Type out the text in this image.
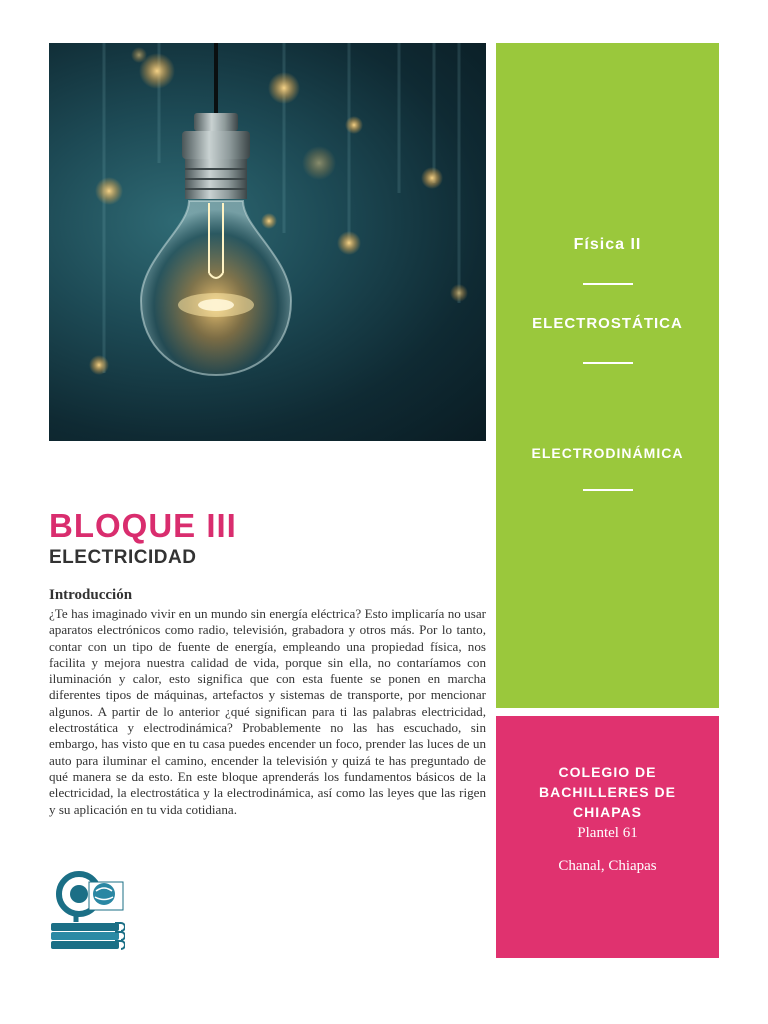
Física II
ELECTROSTÁTICA
ELECTRODINÁMICA
COLEGIO DE BACHILLERES DE CHIAPAS
Plantel 61
Chanal, Chiapas
BLOQUE III
ELECTRICIDAD
Introducción

¿Te has imaginado vivir en un mundo sin energía eléctrica? Esto implicaría no usar aparatos electrónicos como radio, televisión, grabadora y otros más. Por lo tanto, contar con un tipo de fuente de energía, empleando una propiedad física, nos facilita y mejora nuestra calidad de vida, porque sin ella, no contaríamos con iluminación y calor, esto significa que con esta fuente se ponen en marcha diferentes tipos de máquinas, artefactos y sistemas de transporte, por mencionar algunos. A partir de lo anterior ¿qué significan para ti las palabras electricidad, electrostática y electrodinámica? Probablemente no las has escuchado, sin embargo, has visto que en tu casa puedes encender un foco, prender las luces de un auto para iluminar el camino, encender la televisión y quizá te has preguntado de qué manera se da esto. En este bloque aprenderás los fundamentos básicos de la electricidad, la electrostática y la electrodinámica, así como las leyes que las rigen y su aplicación en tu vida cotidiana.
